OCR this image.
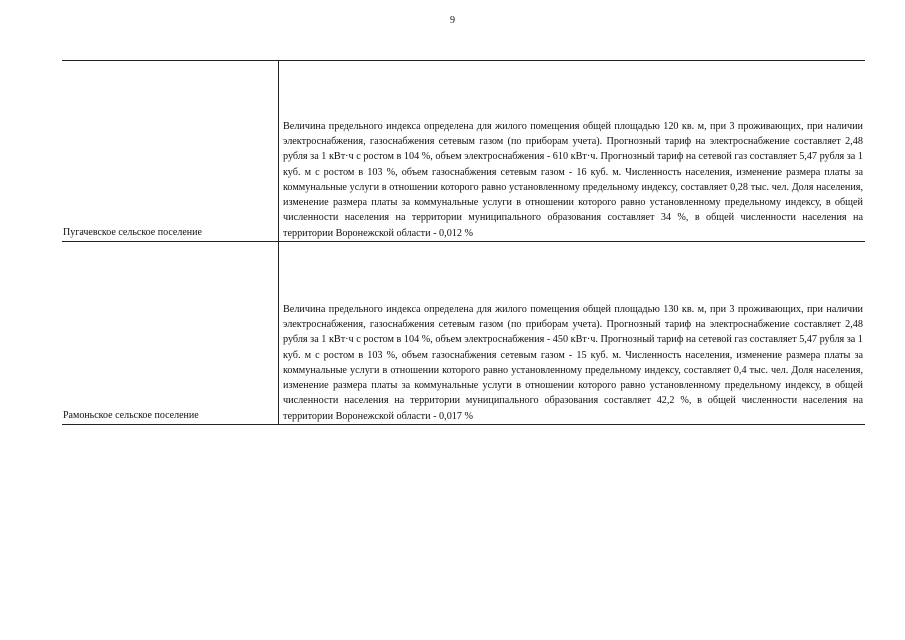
9
Пугачевское сельское поселение	Величина предельного индекса определена для жилого помещения общей площадью 120 кв. м, при 3 проживающих, при наличии электроснабжения, газоснабжения сетевым газом (по приборам учета). Прогнозный тариф на электроснабжение составляет 2,48 рубля за 1 кВт·ч с ростом в 104 %, объем электроснабжения - 610 кВт·ч. Прогнозный тариф на сетевой газ составляет 5,47 рубля за 1 куб. м с ростом в 103 %, объем газоснабжения сетевым газом - 16 куб. м. Численность населения, изменение размера платы за коммунальные услуги в отношении которого равно установленному предельному индексу, составляет 0,28 тыс. чел. Доля населения, изменение размера платы за коммунальные услуги в отношении которого равно установленному предельному индексу, в общей численности населения на территории муниципального образования составляет 34 %, в общей численности населения на территории Воронежской области - 0,012 %
Рамоньское сельское поселение	Величина предельного индекса определена для жилого помещения общей площадью 130 кв. м, при 3 проживающих, при наличии электроснабжения, газоснабжения сетевым газом (по приборам учета). Прогнозный тариф на электроснабжение составляет 2,48 рубля за 1 кВт·ч с ростом в 104 %, объем электроснабжения - 450 кВт·ч. Прогнозный тариф на сетевой газ составляет 5,47 рубля за 1 куб. м с ростом в 103 %, объем газоснабжения сетевым газом - 15 куб. м. Численность населения, изменение размера платы за коммунальные услуги в отношении которого равно установленному предельному индексу, составляет 0,4 тыс. чел. Доля населения, изменение размера платы за коммунальные услуги в отношении которого равно установленному предельному индексу, в общей численности населения на территории муниципального образования составляет 42,2 %, в общей численности населения на территории Воронежской области - 0,017 %
